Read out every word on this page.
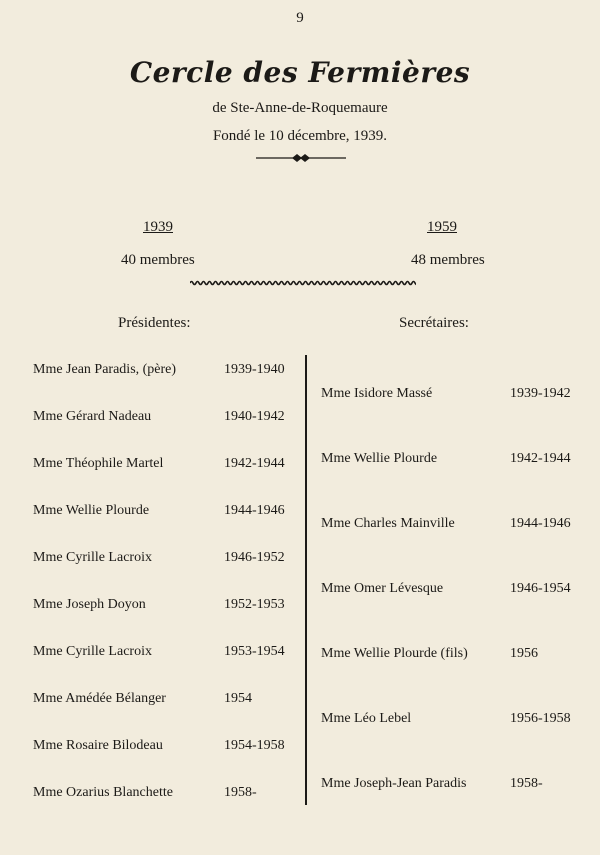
9
Cercle des Fermières
de Ste-Anne-de-Roquemaure
Fondé le 10 décembre, 1939.
1939
40 membres
1959
48 membres
Présidentes:	Secrétaires:
Mme Jean Paradis, (père)	1939-1940
Mme Gérard Nadeau	1940-1942
Mme Théophile Martel	1942-1944
Mme Wellie Plourde	1944-1946
Mme Cyrille Lacroix	1946-1952
Mme Joseph Doyon	1952-1953
Mme Cyrille Lacroix	1953-1954
Mme Amédée Bélanger	1954
Mme Rosaire Bilodeau	1954-1958
Mme Ozarius Blanchette	1958-
Mme Isidore Massé	1939-1942
Mme Wellie Plourde	1942-1944
Mme Charles Mainville	1944-1946
Mme Omer Lévesque	1946-1954
Mme Wellie Plourde (fils)	1956
Mme Léo Lebel	1956-1958
Mme Joseph-Jean Paradis	1958-
